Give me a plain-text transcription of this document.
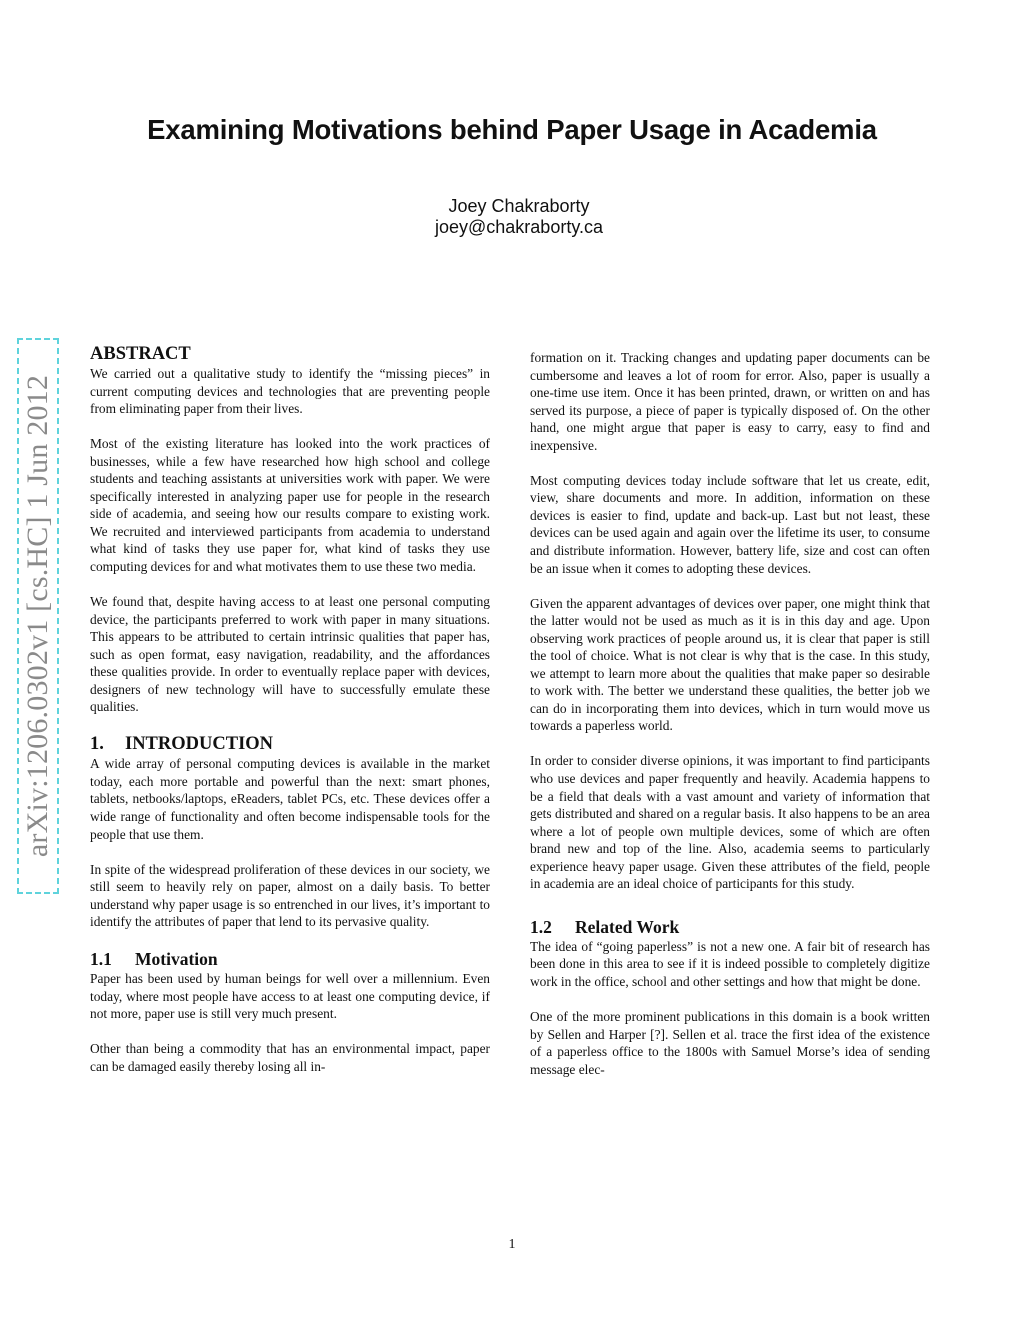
Examining Motivations behind Paper Usage in Academia
Joey Chakraborty
joey@chakraborty.ca
arXiv:1206.0302v1 [cs.HC] 1 Jun 2012
ABSTRACT

We carried out a qualitative study to identify the “missing pieces” in current computing devices and technologies that are preventing people from eliminating paper from their lives.

Most of the existing literature has looked into the work practices of businesses, while a few have researched how high school and college students and teaching assistants at universities work with paper. We were specifically interested in analyzing paper use for people in the research side of academia, and seeing how our results compare to existing work. We recruited and interviewed participants from academia to understand what kind of tasks they use paper for, what kind of tasks they use computing devices for and what motivates them to use these two media.

We found that, despite having access to at least one personal computing device, the participants preferred to work with paper in many situations. This appears to be attributed to certain intrinsic qualities that paper has, such as open format, easy navigation, readability, and the affordances these qualities provide. In order to eventually replace paper with devices, designers of new technology will have to successfully emulate these qualities.

1. INTRODUCTION

A wide array of personal computing devices is available in the market today, each more portable and powerful than the next: smart phones, tablets, netbooks/laptops, eReaders, tablet PCs, etc. These devices offer a wide range of functionality and often become indispensable tools for the people that use them.

In spite of the widespread proliferation of these devices in our society, we still seem to heavily rely on paper, almost on a daily basis. To better understand why paper usage is so entrenched in our lives, it’s important to identify the attributes of paper that lend to its pervasive quality.

1.1 Motivation

Paper has been used by human beings for well over a millennium. Even today, where most people have access to at least one computing device, if not more, paper use is still very much present.

Other than being a commodity that has an environmental impact, paper can be damaged easily thereby losing all in-

formation on it. Tracking changes and updating paper documents can be cumbersome and leaves a lot of room for error. Also, paper is usually a one-time use item. Once it has been printed, drawn, or written on and has served its purpose, a piece of paper is typically disposed of. On the other hand, one might argue that paper is easy to carry, easy to find and inexpensive.

Most computing devices today include software that let us create, edit, view, share documents and more. In addition, information on these devices is easier to find, update and back-up. Last but not least, these devices can be used again and again over the lifetime its user, to consume and distribute information. However, battery life, size and cost can often be an issue when it comes to adopting these devices.

Given the apparent advantages of devices over paper, one might think that the latter would not be used as much as it is in this day and age. Upon observing work practices of people around us, it is clear that paper is still the tool of choice. What is not clear is why that is the case. In this study, we attempt to learn more about the qualities that make paper so desirable to work with. The better we understand these qualities, the better job we can do in incorporating them into devices, which in turn would move us towards a paperless world.

In order to consider diverse opinions, it was important to find participants who use devices and paper frequently and heavily. Academia happens to be a field that deals with a vast amount and variety of information that gets distributed and shared on a regular basis. It also happens to be an area where a lot of people own multiple devices, some of which are often brand new and top of the line. Also, academia seems to particularly experience heavy paper usage. Given these attributes of the field, people in academia are an ideal choice of participants for this study.

1.2 Related Work

The idea of “going paperless” is not a new one. A fair bit of research has been done in this area to see if it is indeed possible to completely digitize work in the office, school and other settings and how that might be done.

One of the more prominent publications in this domain is a book written by Sellen and Harper [?]. Sellen et al. trace the first idea of the existence of a paperless office to the 1800s with Samuel Morse’s idea of sending message elec-

1
